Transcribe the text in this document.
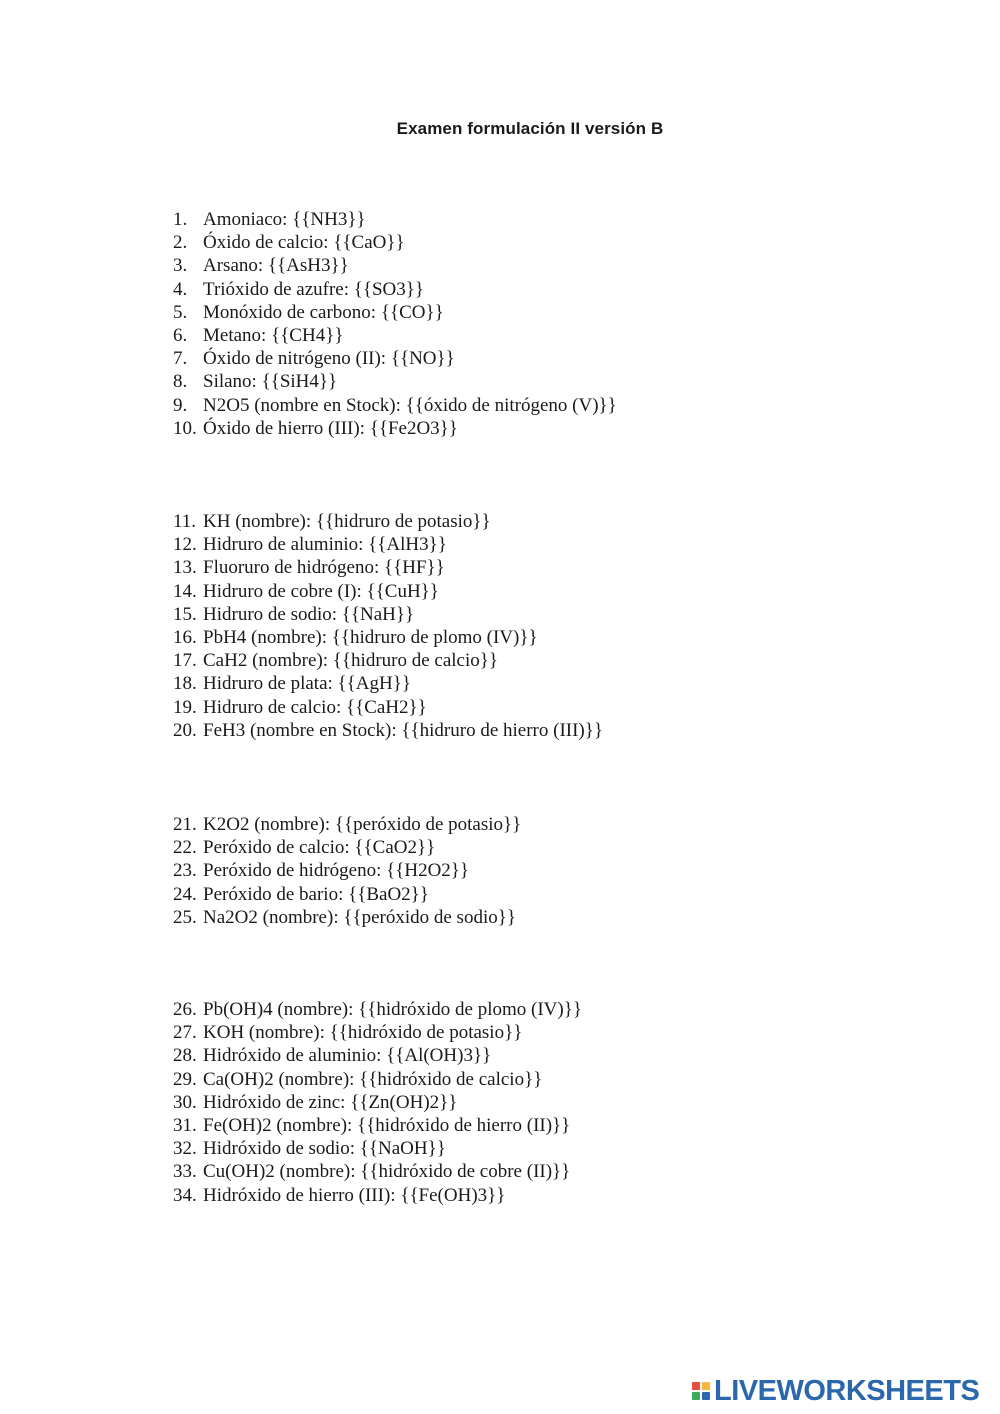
Examen formulación II versión B
1. Amoniaco: {{NH3}}
2. Óxido de calcio: {{CaO}}
3. Arsano: {{AsH3}}
4. Trióxido de azufre: {{SO3}}
5. Monóxido de carbono: {{CO}}
6. Metano: {{CH4}}
7. Óxido de nitrógeno (II): {{NO}}
8. Silano: {{SiH4}}
9. N2O5 (nombre en Stock): {{óxido de nitrógeno (V)}}
10. Óxido de hierro (III): {{Fe2O3}}
11. KH (nombre): {{hidruro de potasio}}
12. Hidruro de aluminio: {{AlH3}}
13. Fluoruro de hidrógeno: {{HF}}
14. Hidruro de cobre (I): {{CuH}}
15. Hidruro de sodio: {{NaH}}
16. PbH4 (nombre): {{hidruro de plomo (IV)}}
17. CaH2 (nombre): {{hidruro de calcio}}
18. Hidruro de plata: {{AgH}}
19. Hidruro de calcio: {{CaH2}}
20. FeH3 (nombre en Stock): {{hidruro de hierro (III)}}
21. K2O2 (nombre): {{peróxido de potasio}}
22. Peróxido de calcio: {{CaO2}}
23. Peróxido de hidrógeno: {{H2O2}}
24. Peróxido de bario: {{BaO2}}
25. Na2O2 (nombre): {{peróxido de sodio}}
26. Pb(OH)4 (nombre): {{hidróxido de plomo (IV)}}
27. KOH (nombre): {{hidróxido de potasio}}
28. Hidróxido de aluminio: {{Al(OH)3}}
29. Ca(OH)2 (nombre): {{hidróxido de calcio}}
30. Hidróxido de zinc: {{Zn(OH)2}}
31. Fe(OH)2 (nombre): {{hidróxido de hierro (II)}}
32. Hidróxido de sodio: {{NaOH}}
33. Cu(OH)2 (nombre): {{hidróxido de cobre (II)}}
34. Hidróxido de hierro (III): {{Fe(OH)3}}
LIVEWORKSHEETS
